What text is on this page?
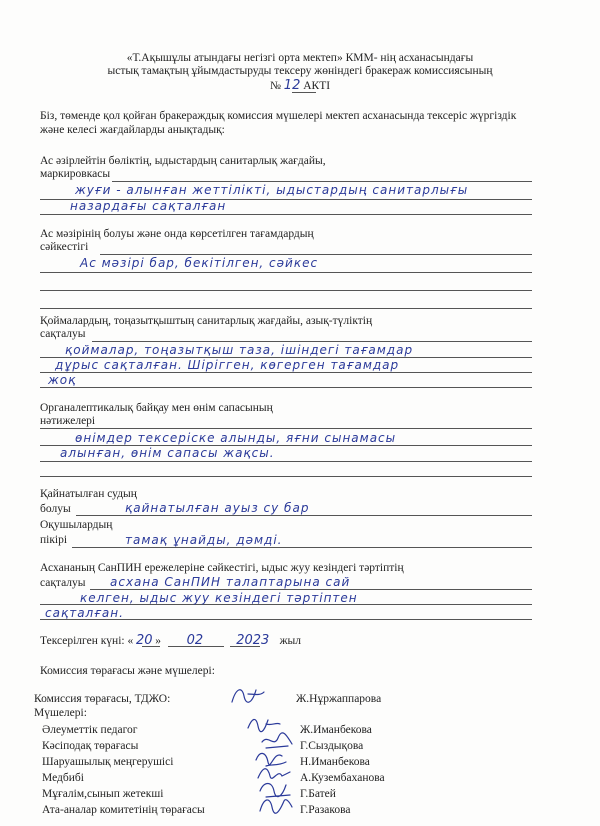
«Т.Ақышұлы атындағы негізгі орта мектеп» КММ- нің асханасындағы
ыстық тамақтың ұйымдастыруды тексеру жөніндегі бракераж комиссиясының
№ 12 АКТІ
Біз, төменде қол қойған бракераждық комиссия мүшелері мектеп асханасында тексеріс жүргіздік
және келесі жағдайларды анықтадық:
Ас әзірлейтін бөліктің, ыдыстардың санитарлық жағдайы,
маркировкасы
жуғи - алынған жеттілікті, ыдыстардың санитарлығы
назардағы сақталған
Ас мәзірінің болуы және онда көрсетілген тағамдардың
сәйкестігі
Ас мәзірі бар, бекітілген, сәйкес
Қоймалардың, тоңазытқыштың санитарлық жағдайы, азық-түліктің
сақталуы
қоймалар, тоңазытқыш таза, ішіндегі тағамдар
дұрыс сақталған. Шірігген, көгерген тағамдар
жоқ
Органалептикалық байқау мен өнім сапасының
нәтижелері
өнімдер тексеріске алынды, яғни сынамасы
алынған, өнім сапасы жақсы.
Қайнатылған судың
болуы	қайнатылған ауыз су бар
Оқушылардың
пікірі	тамақ ұнайды, дәмді.
Асхананың СанПИН ережелеріне сәйкестігі, ыдыс жуу кезіндегі тәртіптің
сақталуы асхана СанПИН талаптарына сай
келген, ыдыс жуу кезіндегі тәртіптен
сақталған.
Тексерілген күні: « 20 » 02	2023 жыл
Комиссия төрағасы және мүшелері:
Комиссия төрағасы, ТДЖО:	Ж.Нұржаппарова
Мүшелері:
Әлеуметтік педагог	Ж.Иманбекова
Кәсіподақ төрағасы	Г.Сыздықова
Шаруашылық меңгерушісі	Н.Иманбекова
Медбибі	А.Кузембаханова
Мұғалім,сынып жетекші	Г.Батей
Ата-аналар комитетінің төрағасы	Г.Разакова
